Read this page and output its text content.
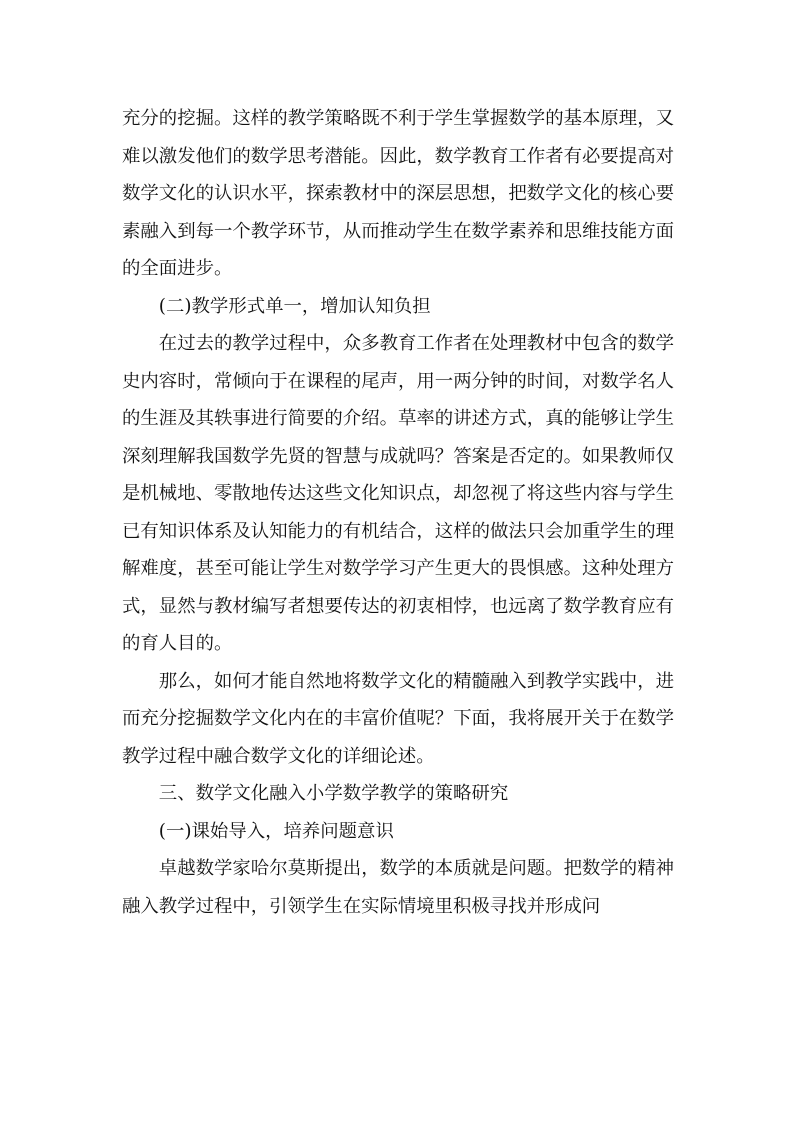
充分的挖掘。这样的教学策略既不利于学生掌握数学的基本原理，又难以激发他们的数学思考潜能。因此，数学教育工作者有必要提高对数学文化的认识水平，探索教材中的深层思想，把数学文化的核心要素融入到每一个教学环节，从而推动学生在数学素养和思维技能方面的全面进步。

(二)教学形式单一，增加认知负担

在过去的教学过程中，众多教育工作者在处理教材中包含的数学史内容时，常倾向于在课程的尾声，用一两分钟的时间，对数学名人的生涯及其轶事进行简要的介绍。草率的讲述方式，真的能够让学生深刻理解我国数学先贤的智慧与成就吗？答案是否定的。如果教师仅是机械地、零散地传达这些文化知识点，却忽视了将这些内容与学生已有知识体系及认知能力的有机结合，这样的做法只会加重学生的理解难度，甚至可能让学生对数学学习产生更大的畏惧感。这种处理方式，显然与教材编写者想要传达的初衷相悖，也远离了数学教育应有的育人目的。

那么，如何才能自然地将数学文化的精髓融入到教学实践中，进而充分挖掘数学文化内在的丰富价值呢？下面，我将展开关于在数学教学过程中融合数学文化的详细论述。

三、数学文化融入小学数学教学的策略研究

(一)课始导入，培养问题意识

卓越数学家哈尔莫斯提出，数学的本质就是问题。把数学的精神融入教学过程中，引领学生在实际情境里积极寻找并形成问
